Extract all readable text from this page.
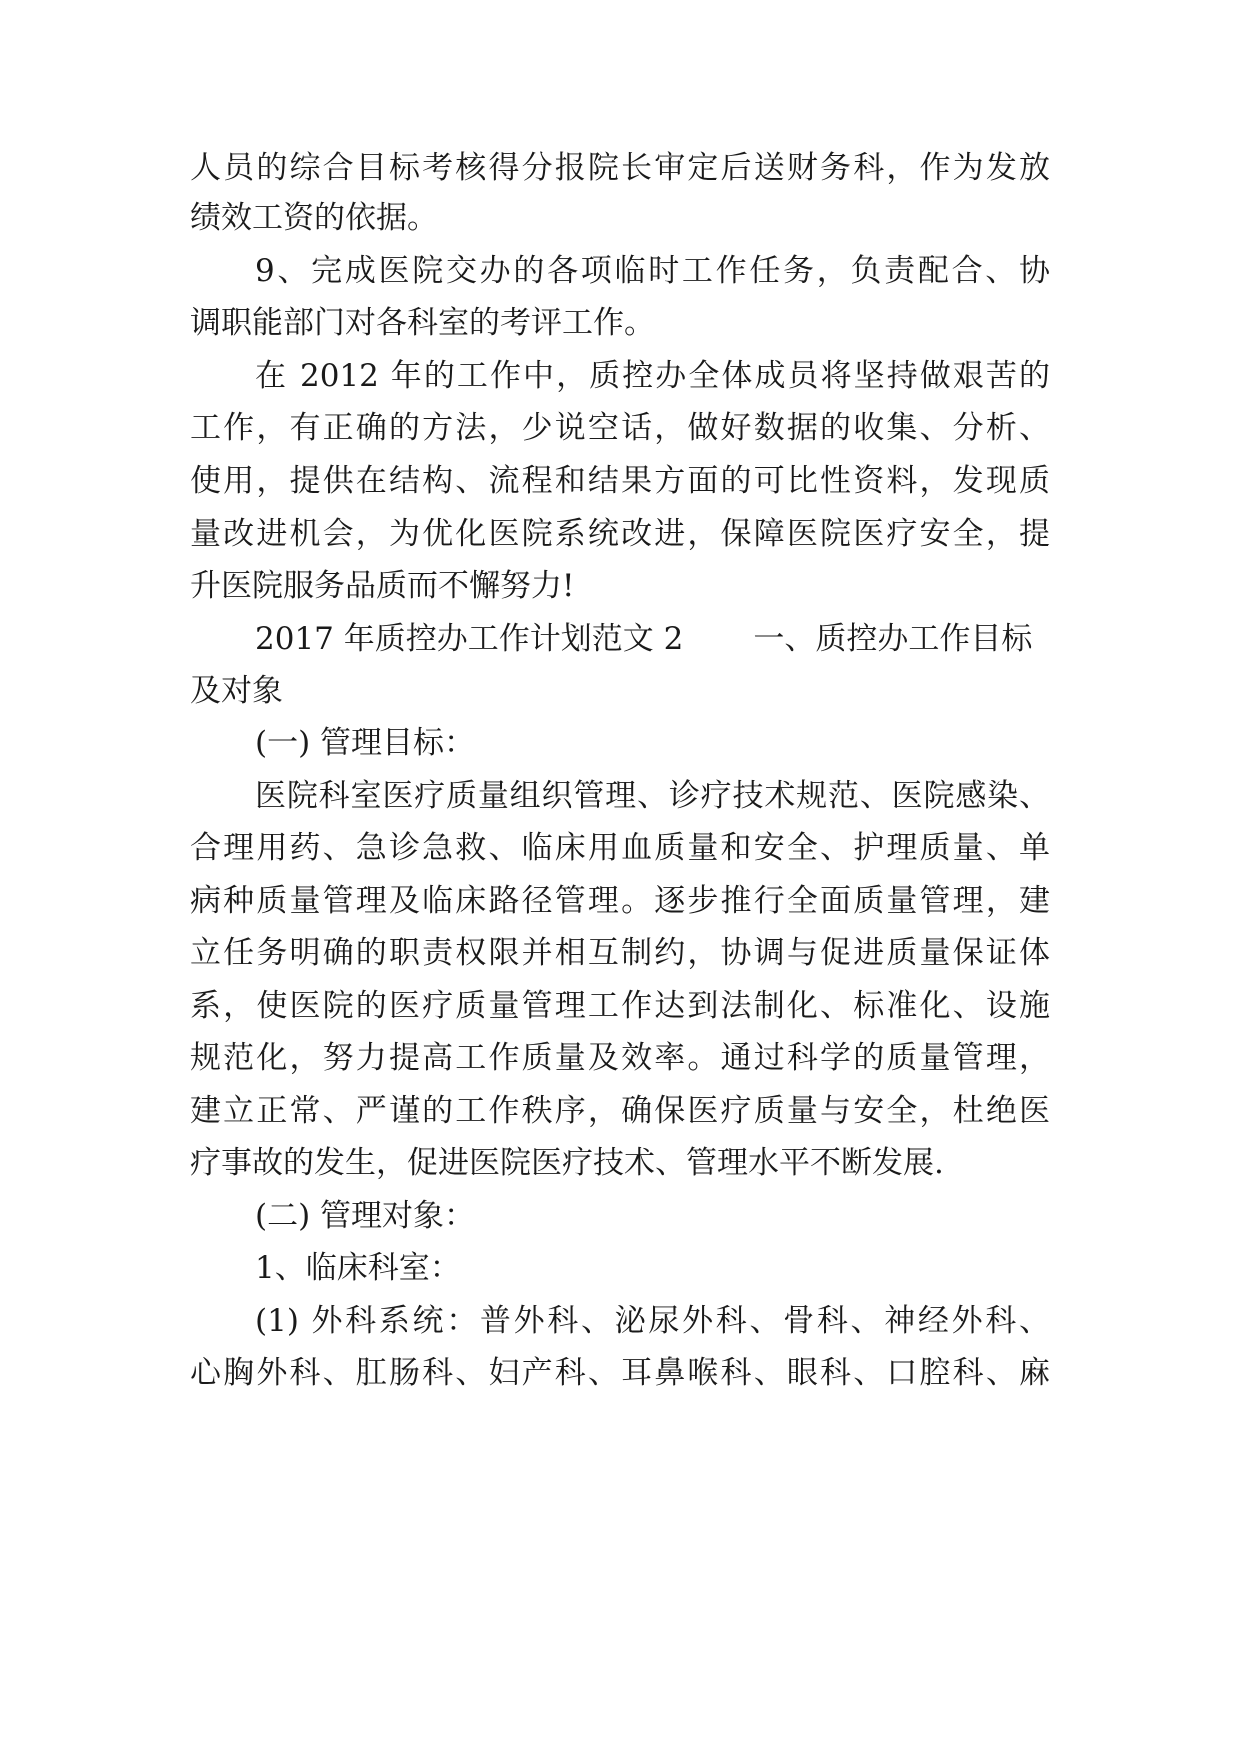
人员的综合目标考核得分报院长审定后送财务科，作为发放

绩效工资的依据。

9、完成医院交办的各项临时工作任务，负责配合、协

调职能部门对各科室的考评工作。

在 2012 年的工作中，质控办全体成员将坚持做艰苦的

工作，有正确的方法，少说空话，做好数据的收集、分析、

使用，提供在结构、流程和结果方面的可比性资料，发现质

量改进机会，为优化医院系统改进，保障医院医疗安全，提

升医院服务品质而不懈努力!

2017 年质控办工作计划范文 2 一、质控办工作目标

及对象

(一) 管理目标：

医院科室医疗质量组织管理、诊疗技术规范、医院感染、

合理用药、急诊急救、临床用血质量和安全、护理质量、单

病种质量管理及临床路径管理。逐步推行全面质量管理，建

立任务明确的职责权限并相互制约，协调与促进质量保证体

系，使医院的医疗质量管理工作达到法制化、标准化、设施

规范化，努力提高工作质量及效率。通过科学的质量管理，

建立正常、严谨的工作秩序，确保医疗质量与安全，杜绝医

疗事故的发生，促进医院医疗技术、管理水平不断发展.

(二) 管理对象：

1、临床科室：

(1) 外科系统：普外科、泌尿外科、骨科、神经外科、

心胸外科、肛肠科、妇产科、耳鼻喉科、眼科、口腔科、麻
